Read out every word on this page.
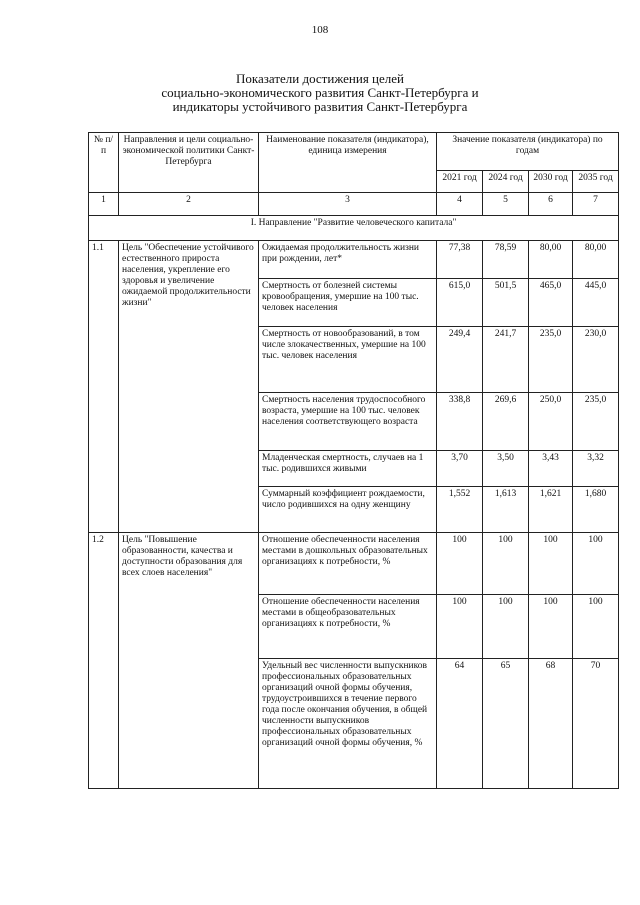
108
Показатели достижения целей
социально-экономического развития Санкт-Петербурга и
индикаторы устойчивого развития Санкт-Петербурга
№ п/п	Направления и цели социально-экономической политики Санкт-Петербурга	Наименование показателя (индикатора), единица измерения	Значение показателя (индикатора) по годам			
			2021 год	2024 год	2030 год	2035 год
1	2	3	4	5	6	7
I. Направление "Развитие человеческого капитала"						
1.1	Цель "Обеспечение устойчивого естественного прироста населения, укрепление его здоровья и увеличение ожидаемой продолжительности жизни"	Ожидаемая продолжительность жизни при рождении, лет*	77,38	78,59	80,00	80,00
		Смертность от болезней системы кровообращения, умершие на 100 тыс. человек населения	615,0	501,5	465,0	445,0
		Смертность от новообразований, в том числе злокачественных, умершие на 100 тыс. человек населения	249,4	241,7	235,0	230,0
		Смертность населения трудоспособного возраста, умершие на 100 тыс. человек населения соответствующего возраста	338,8	269,6	250,0	235,0
		Младенческая смертность, случаев на 1 тыс. родившихся живыми	3,70	3,50	3,43	3,32
		Суммарный коэффициент рождаемости, число родившихся на одну женщину	1,552	1,613	1,621	1,680
1.2	Цель "Повышение образованности, качества и доступности образования для всех слоев населения"	Отношение обеспеченности населения местами в дошкольных образовательных организациях к потребности, %	100	100	100	100
		Отношение обеспеченности населения местами в общеобразовательных организациях к потребности, %	100	100	100	100
		Удельный вес численности выпускников профессиональных образовательных организаций очной формы обучения, трудоустроившихся в течение первого года после окончания обучения, в общей численности выпускников профессиональных образовательных организаций очной формы обучения, %	64	65	68	70
